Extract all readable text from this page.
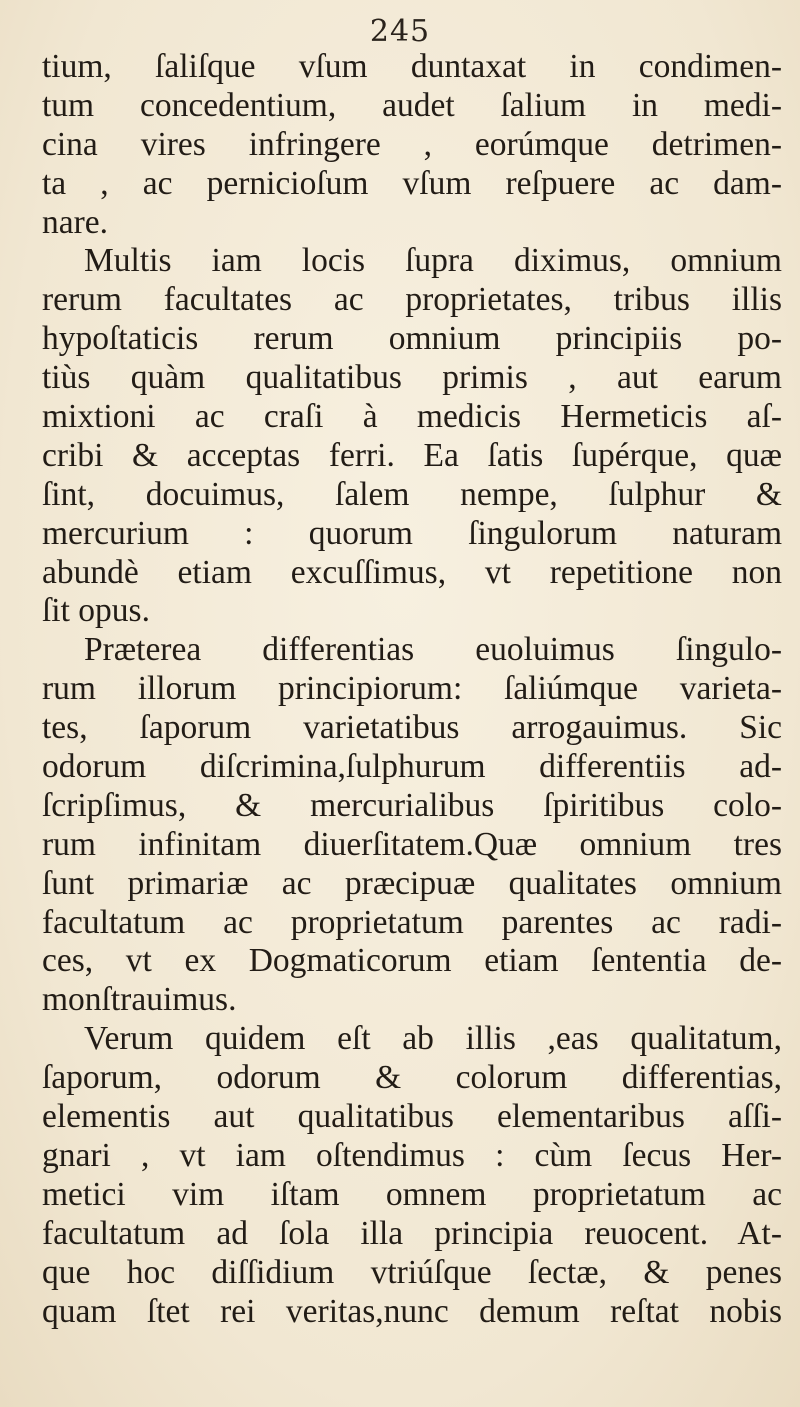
245
tium, ſaliſque vſum duntaxat in condimen-
tum concedentium, audet ſalium in medi-
cina vires infringere , eorúmque detrimen-
ta , ac pernicioſum vſum reſpuere ac dam-
nare.
Multis iam locis ſupra diximus, omnium
rerum facultates ac proprietates, tribus illis
hypoſtaticis rerum omnium principiis po-
tiùs quàm qualitatibus primis , aut earum
mixtioni ac craſi à medicis Hermeticis aſ-
cribi & acceptas ferri. Ea ſatis ſupérque, quæ
ſint, docuimus, ſalem nempe, ſulphur &
mercurium : quorum ſingulorum naturam
abundè etiam excuſſimus, vt repetitione non
ſit opus.
Præterea differentias euoluimus ſingulo-
rum illorum principiorum: ſaliúmque varieta-
tes, ſaporum varietatibus arrogauimus. Sic
odorum diſcrimina,ſulphurum differentiis ad-
ſcripſimus, & mercurialibus ſpiritibus colo-
rum infinitam diuerſitatem.Quæ omnium tres
ſunt primariæ ac præcipuæ qualitates omnium
facultatum ac proprietatum parentes ac radi-
ces, vt ex Dogmaticorum etiam ſententia de-
monſtrauimus.
Verum quidem eſt ab illis ,eas qualitatum,
ſaporum, odorum & colorum differentias,
elementis aut qualitatibus elementaribus aſſi-
gnari , vt iam oſtendimus : cùm ſecus Her-
metici vim iſtam omnem proprietatum ac
facultatum ad ſola illa principia reuocent. At-
que hoc diſſidium vtriúſque ſectæ, & penes
quam ſtet rei veritas,nunc demum reſtat nobis
